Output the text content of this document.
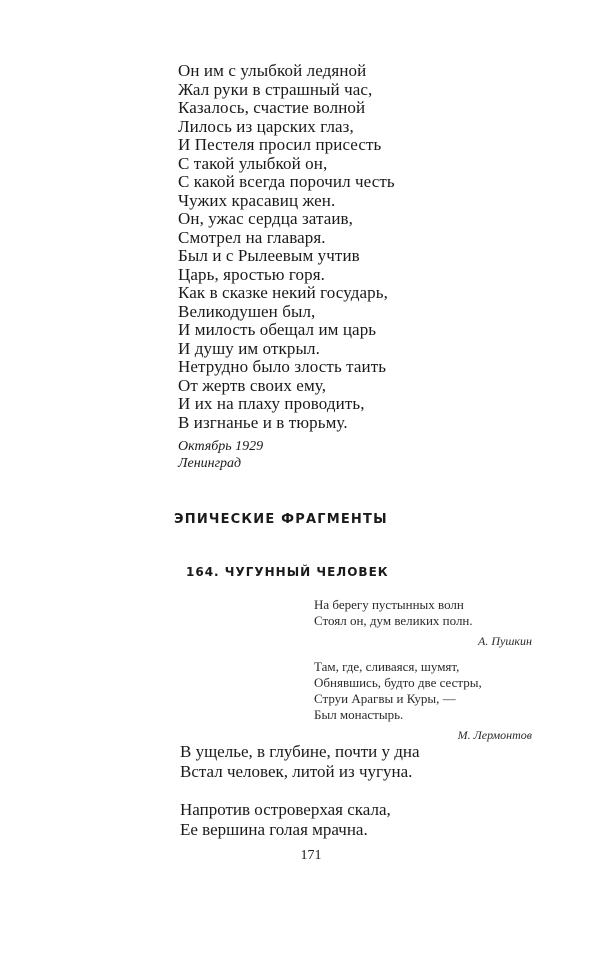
Он им с улыбкой ледяной
Жал руки в страшный час,
Казалось, счастие волной
Лилось из царских глаз,
И Пестеля просил присесть
С такой улыбкой он,
С какой всегда порочил честь
Чужих красавиц жен.
Он, ужас сердца затаив,
Смотрел на главаря.
Был и с Рылеевым учтив
Царь, яростью горя.
Как в сказке некий государь,
Великодушен был,
И милость обещал им царь
И душу им открыл.
Нетрудно было злость таить
От жертв своих ему,
И их на плаху проводить,
В изгнанье и в тюрьму.
Октябрь 1929
Ленинград
ЭПИЧЕСКИЕ ФРАГМЕНТЫ
164. ЧУГУННЫЙ ЧЕЛОВЕК
На берегу пустынных волн
Стоял он, дум великих полн.
А. Пушкин
Там, где, сливаяся, шумят,
Обнявшись, будто две сестры,
Струи Арагвы и Куры, —
Был монастырь.
М. Лермонтов
В ущелье, в глубине, почти у дна
Встал человек, литой из чугуна.
Напротив островерхая скала,
Ее вершина голая мрачна.
171
